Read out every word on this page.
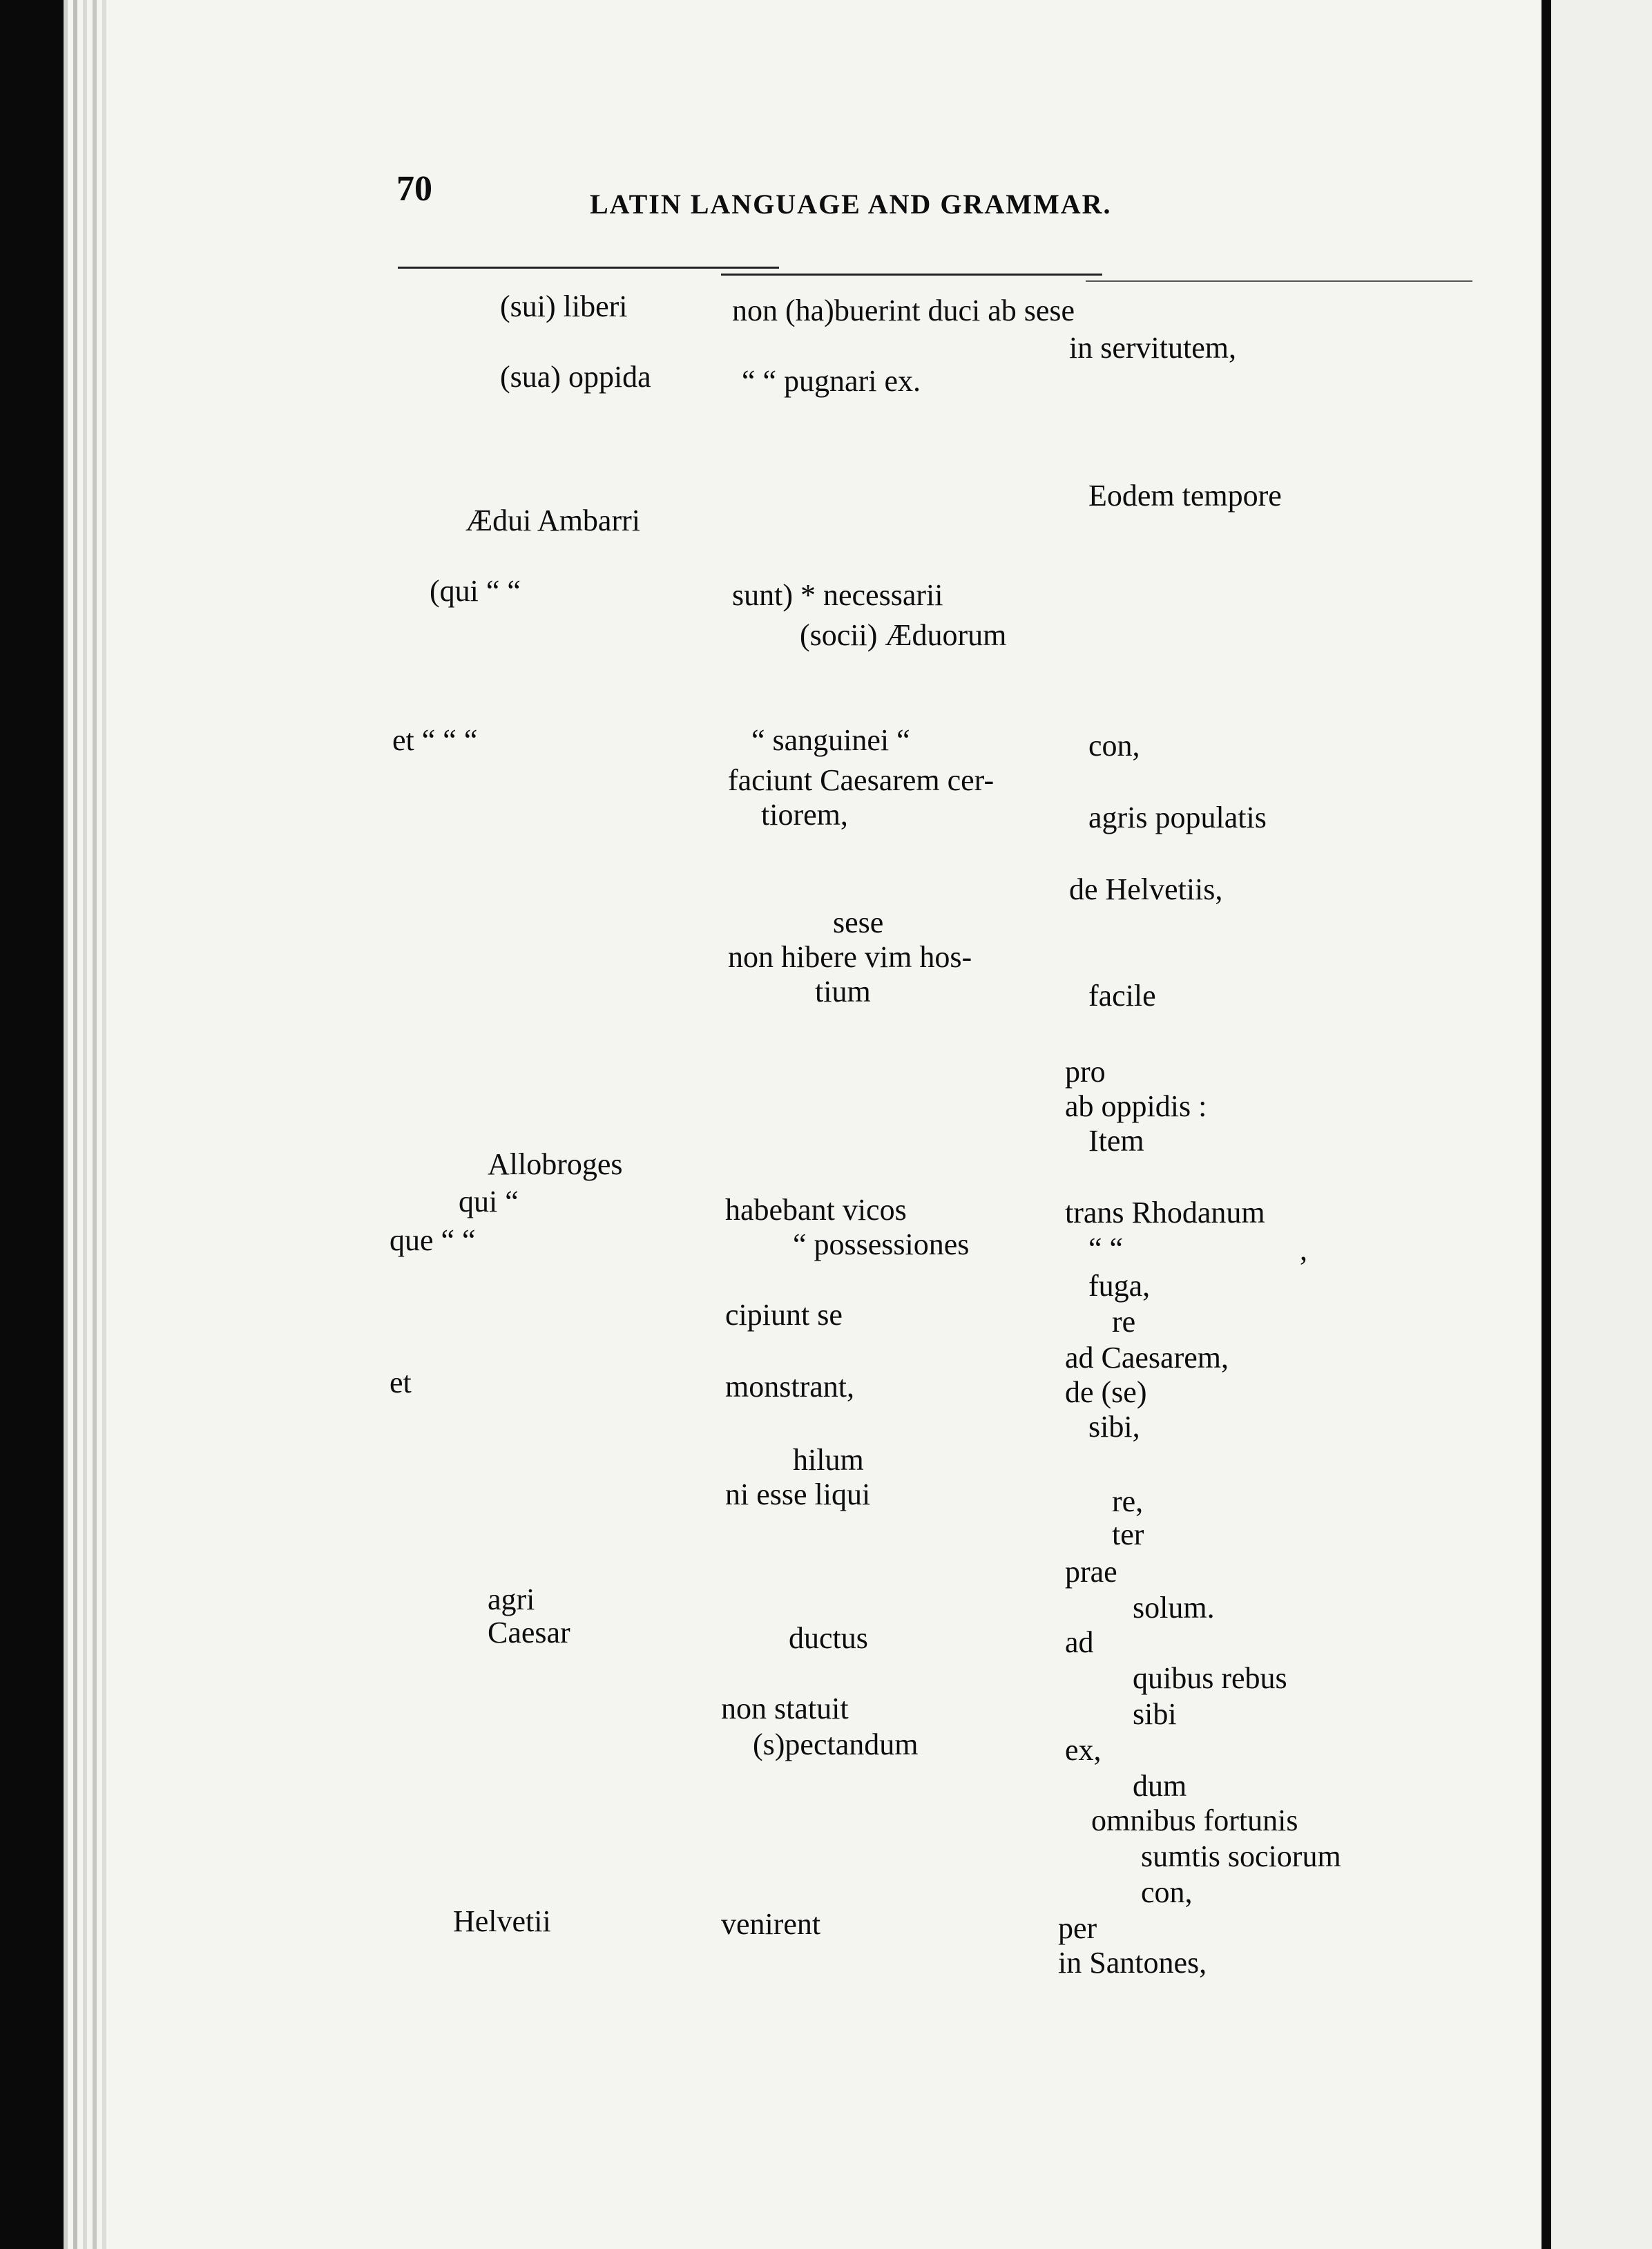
70	LATIN LANGUAGE AND GRAMMAR.
(sui) liberi
(sua) oppida
Ædui Ambarri
(qui “ “
et “ “ “
Allobroges
qui “
que “ “
et
agri
Caesar
Helvetii
non (ha)buerint duci ab sese
“ “ pugnari ex.
sunt) * necessarii
(socii) Æduorum
“ sanguinei “
faciunt Caesarem cer-
tiorem,
sese
non hibere vim hos-
tium
habebant vicos
“ possessiones
cipiunt se
monstrant,
hilum
ni esse liqui
ductus
non statuit
(s)pectandum
venirent
in servitutem,
Eodem tempore
con,
agris populatis
de Helvetiis,
facile
pro
ab oppidis :
Item
trans Rhodanum
“ “	,
fuga,
re
ad Caesarem,
de (se)
sibi,
re,
ter
prae
solum.
ad
quibus rebus
sibi
ex,
dum
omnibus fortunis
sumtis sociorum
con,
per
in Santones,
